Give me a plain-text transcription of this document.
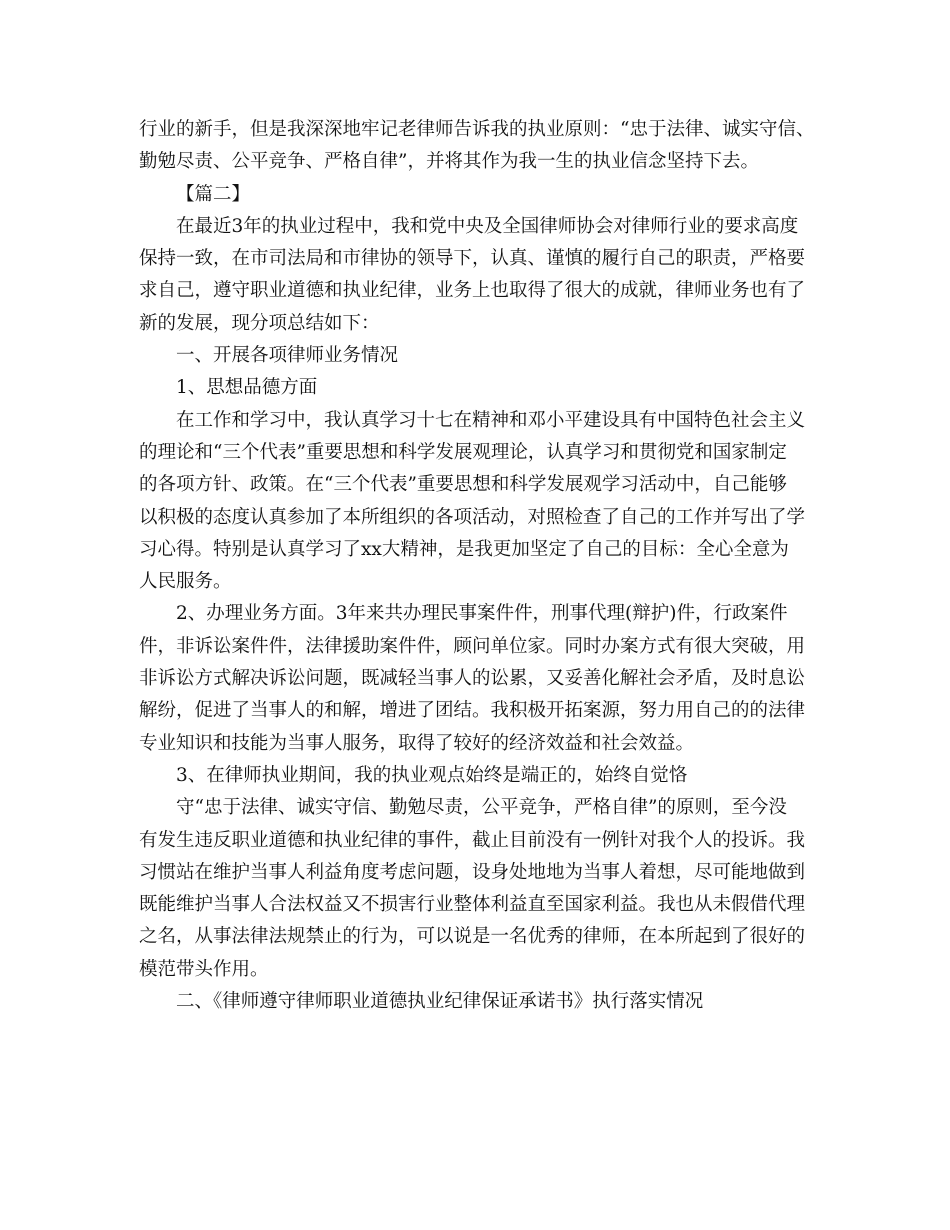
行业的新手，但是我深深地牢记老律师告诉我的执业原则：“忠于法律、诚实守信、
勤勉尽责、公平竞争、严格自律”，并将其作为我一生的执业信念坚持下去。
【篇二】
在最近3年的执业过程中，我和党中央及全国律师协会对律师行业的要求高度
保持一致，在市司法局和市律协的领导下，认真、谨慎的履行自己的职责，严格要
求自己，遵守职业道德和执业纪律，业务上也取得了很大的成就，律师业务也有了
新的发展，现分项总结如下：
一、开展各项律师业务情况
1、思想品德方面
在工作和学习中，我认真学习十七在精神和邓小平建设具有中国特色社会主义
的理论和“三个代表”重要思想和科学发展观理论，认真学习和贯彻党和国家制定
的各项方针、政策。在“三个代表”重要思想和科学发展观学习活动中，自己能够
以积极的态度认真参加了本所组织的各项活动，对照检查了自己的工作并写出了学
习心得。特别是认真学习了xx大精神，是我更加坚定了自己的目标：全心全意为
人民服务。
2、办理业务方面。3年来共办理民事案件件，刑事代理(辩护)件，行政案件
件，非诉讼案件件，法律援助案件件，顾问单位家。同时办案方式有很大突破，用
非诉讼方式解决诉讼问题，既减轻当事人的讼累，又妥善化解社会矛盾，及时息讼
解纷，促进了当事人的和解，增进了团结。我积极开拓案源，努力用自己的的法律
专业知识和技能为当事人服务，取得了较好的经济效益和社会效益。
3、在律师执业期间，我的执业观点始终是端正的，始终自觉恪
守“忠于法律、诚实守信、勤勉尽责，公平竞争，严格自律”的原则，至今没
有发生违反职业道德和执业纪律的事件，截止目前没有一例针对我个人的投诉。我
习惯站在维护当事人利益角度考虑问题，设身处地地为当事人着想，尽可能地做到
既能维护当事人合法权益又不损害行业整体利益直至国家利益。我也从未假借代理
之名，从事法律法规禁止的行为，可以说是一名优秀的律师，在本所起到了很好的
模范带头作用。
二、《律师遵守律师职业道德执业纪律保证承诺书》执行落实情况
